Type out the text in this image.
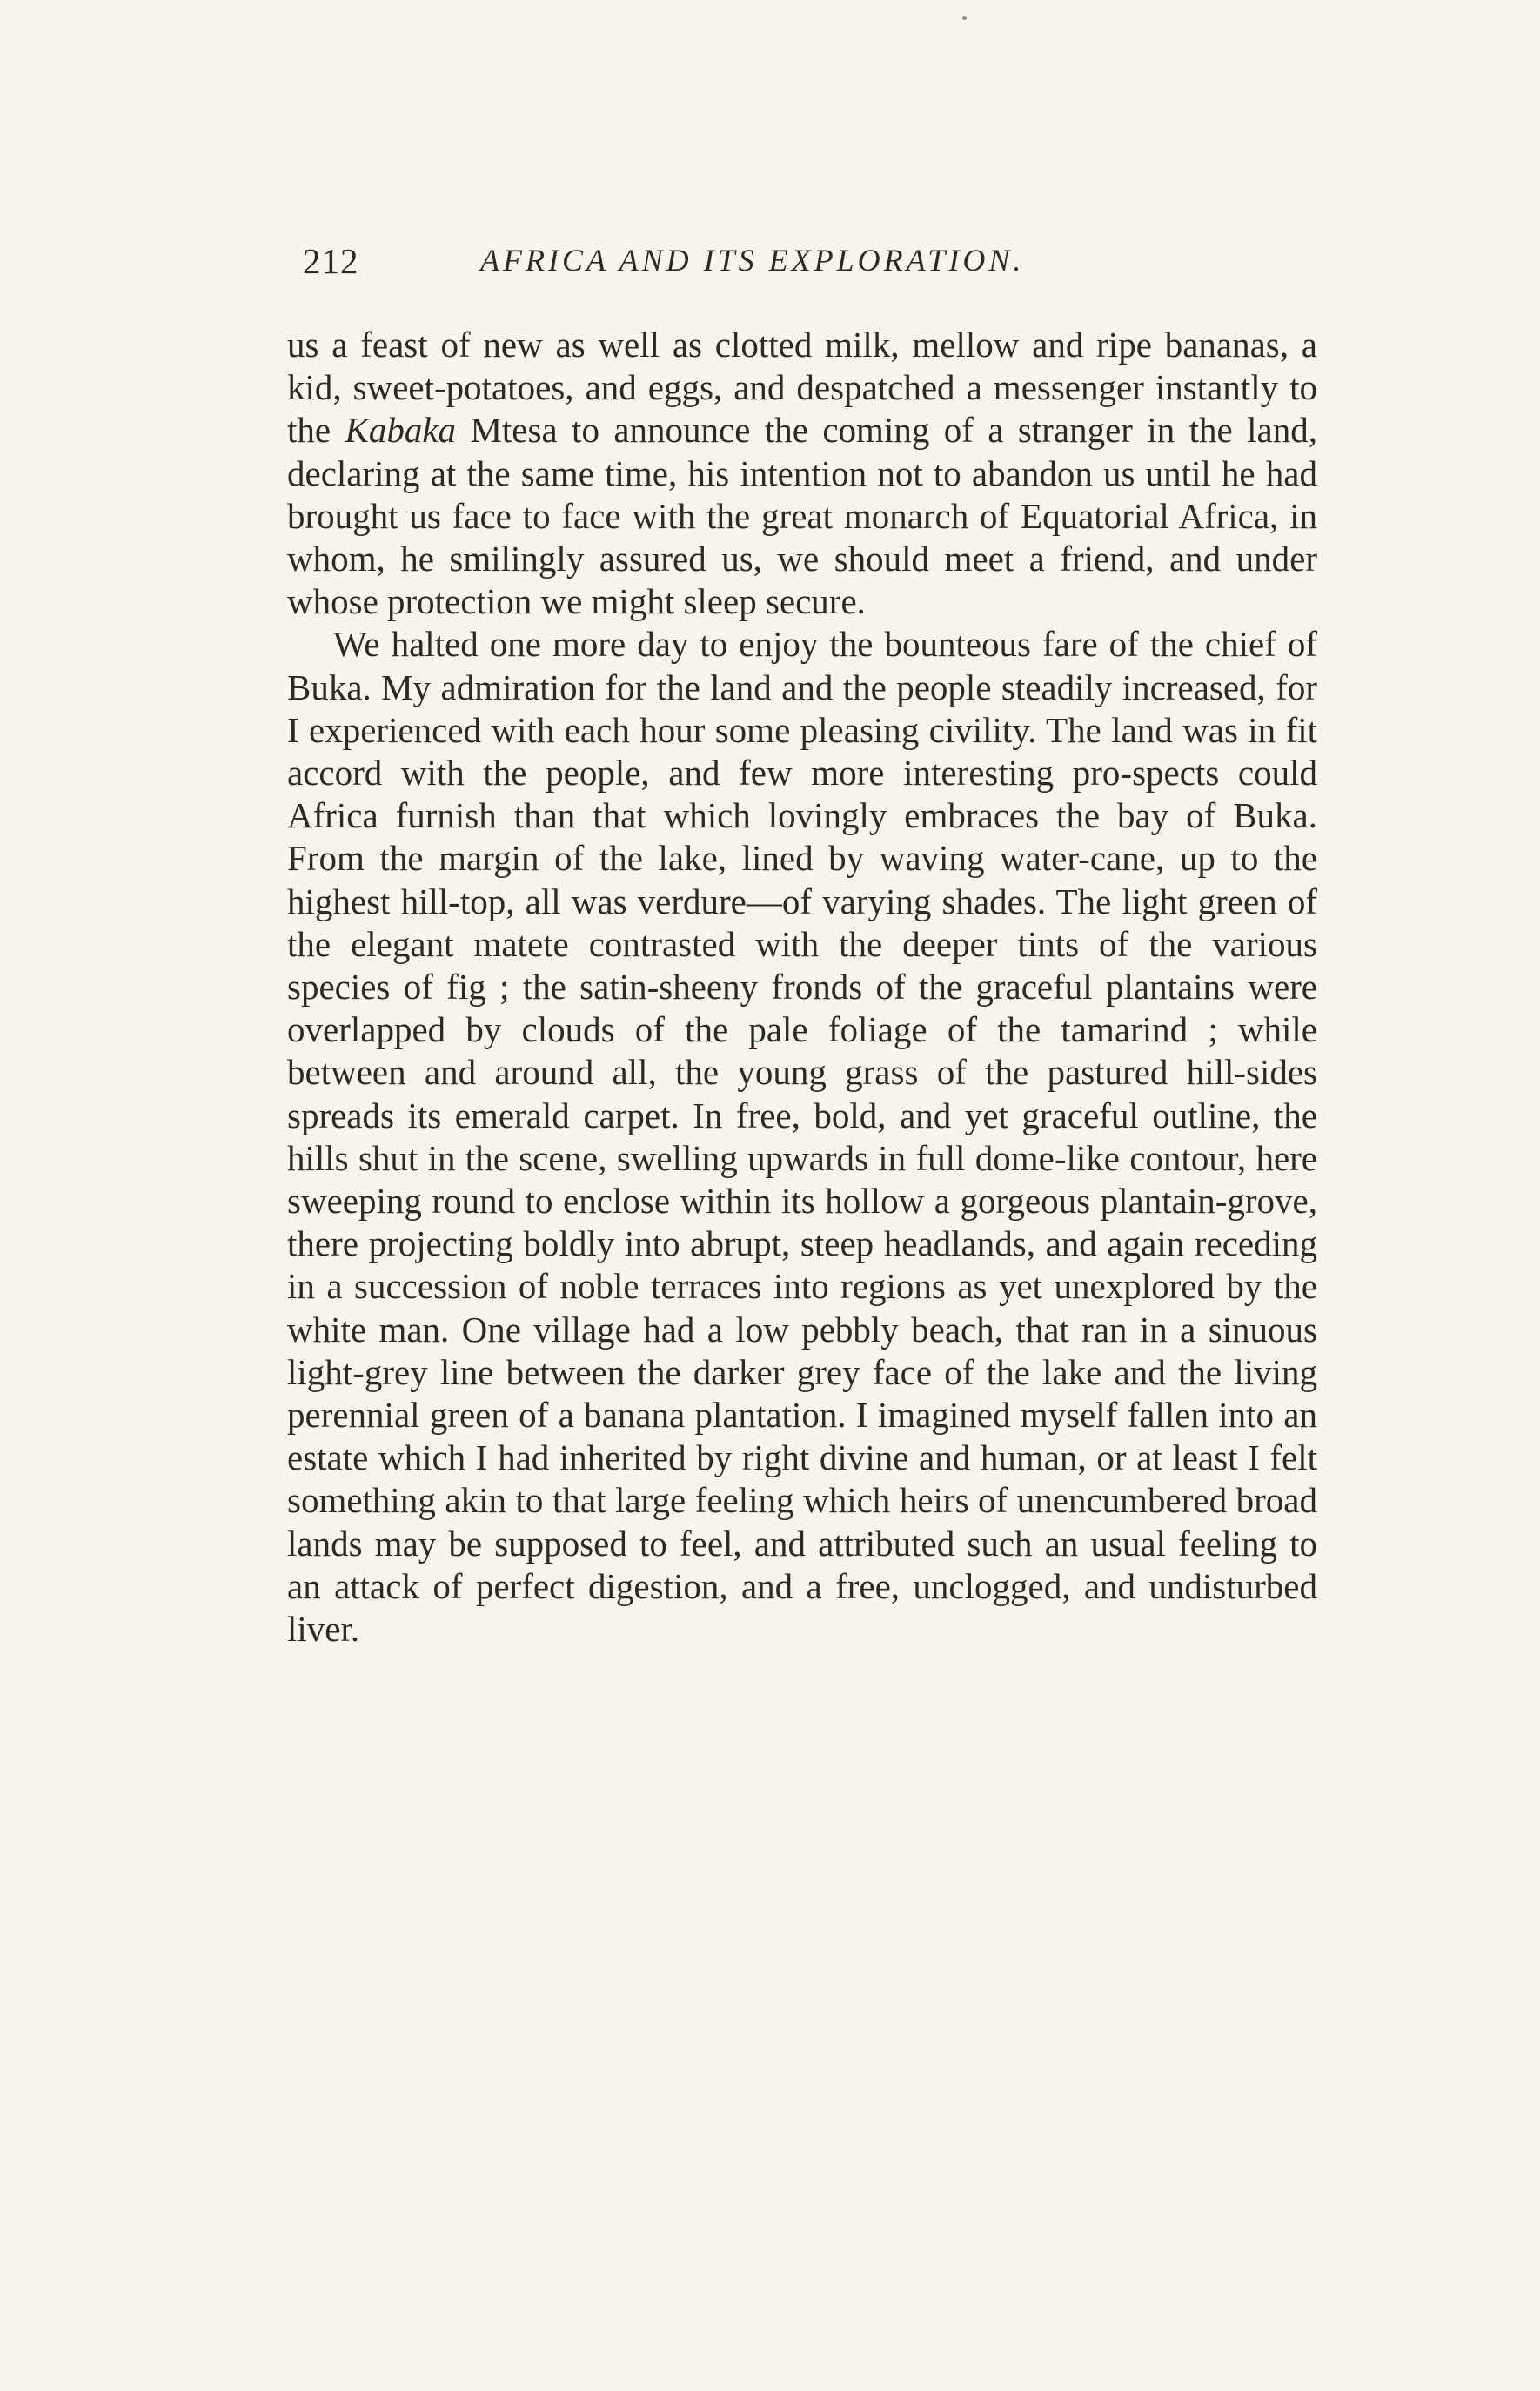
212	AFRICA AND ITS EXPLORATION.

us a feast of new as well as clotted milk, mellow and ripe bananas, a kid, sweet-potatoes, and eggs, and despatched a messenger instantly to the Kabaka Mtesa to announce the coming of a stranger in the land, declaring at the same time, his intention not to abandon us until he had brought us face to face with the great monarch of Equatorial Africa, in whom, he smilingly assured us, we should meet a friend, and under whose protection we might sleep secure.

We halted one more day to enjoy the bounteous fare of the chief of Buka. My admiration for the land and the people steadily increased, for I experienced with each hour some pleasing civility. The land was in fit accord with the people, and few more interesting pro-spects could Africa furnish than that which lovingly embraces the bay of Buka. From the margin of the lake, lined by waving water-cane, up to the highest hill-top, all was verdure—of varying shades. The light green of the elegant matete contrasted with the deeper tints of the various species of fig ; the satin-sheeny fronds of the graceful plantains were overlapped by clouds of the pale foliage of the tamarind ; while between and around all, the young grass of the pastured hill-sides spreads its emerald carpet. In free, bold, and yet graceful outline, the hills shut in the scene, swelling upwards in full dome-like contour, here sweeping round to enclose within its hollow a gorgeous plantain-grove, there projecting boldly into abrupt, steep headlands, and again receding in a succession of noble terraces into regions as yet unexplored by the white man. One village had a low pebbly beach, that ran in a sinuous light-grey line between the darker grey face of the lake and the living perennial green of a banana plantation. I imagined myself fallen into an estate which I had inherited by right divine and human, or at least I felt something akin to that large feeling which heirs of unencumbered broad lands may be supposed to feel, and attributed such an usual feeling to an attack of perfect digestion, and a free, unclogged, and undisturbed liver.
